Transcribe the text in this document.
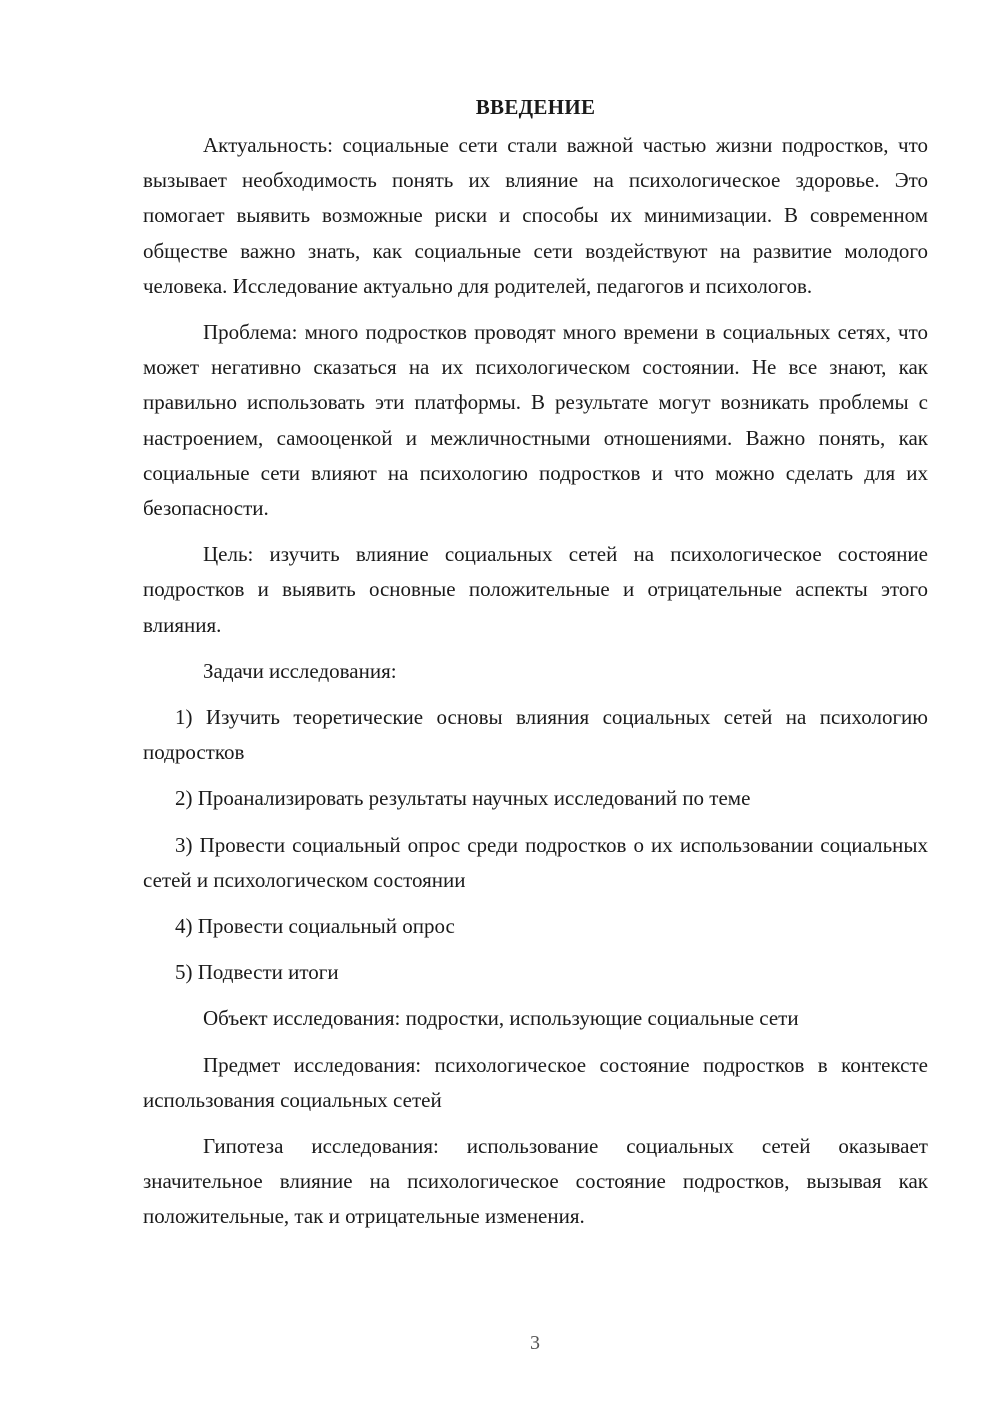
ВВЕДЕНИЕ

Актуальность: социальные сети стали важной частью жизни подростков, что вызывает необходимость понять их влияние на психологическое здоровье. Это помогает выявить возможные риски и способы их минимизации. В современном обществе важно знать, как социальные сети воздействуют на развитие молодого человека. Исследование актуально для родителей, педагогов и психологов.

Проблема: много подростков проводят много времени в социальных сетях, что может негативно сказаться на их психологическом состоянии. Не все знают, как правильно использовать эти платформы. В результате могут возникать проблемы с настроением, самооценкой и межличностными отношениями. Важно понять, как социальные сети влияют на психологию подростков и что можно сделать для их безопасности.

Цель: изучить влияние социальных сетей на психологическое состояние подростков и выявить основные положительные и отрицательные аспекты этого влияния.

Задачи исследования:

1) Изучить теоретические основы влияния социальных сетей на психологию подростков

2) Проанализировать результаты научных исследований по теме

3) Провести социальный опрос среди подростков о их использовании социальных сетей и психологическом состоянии

4) Провести социальный опрос

5) Подвести итоги

Объект исследования: подростки, использующие социальные сети

Предмет исследования: психологическое состояние подростков в контексте использования социальных сетей

Гипотеза исследования: использование социальных сетей оказывает значительное влияние на психологическое состояние подростков, вызывая как положительные, так и отрицательные изменения.

3
